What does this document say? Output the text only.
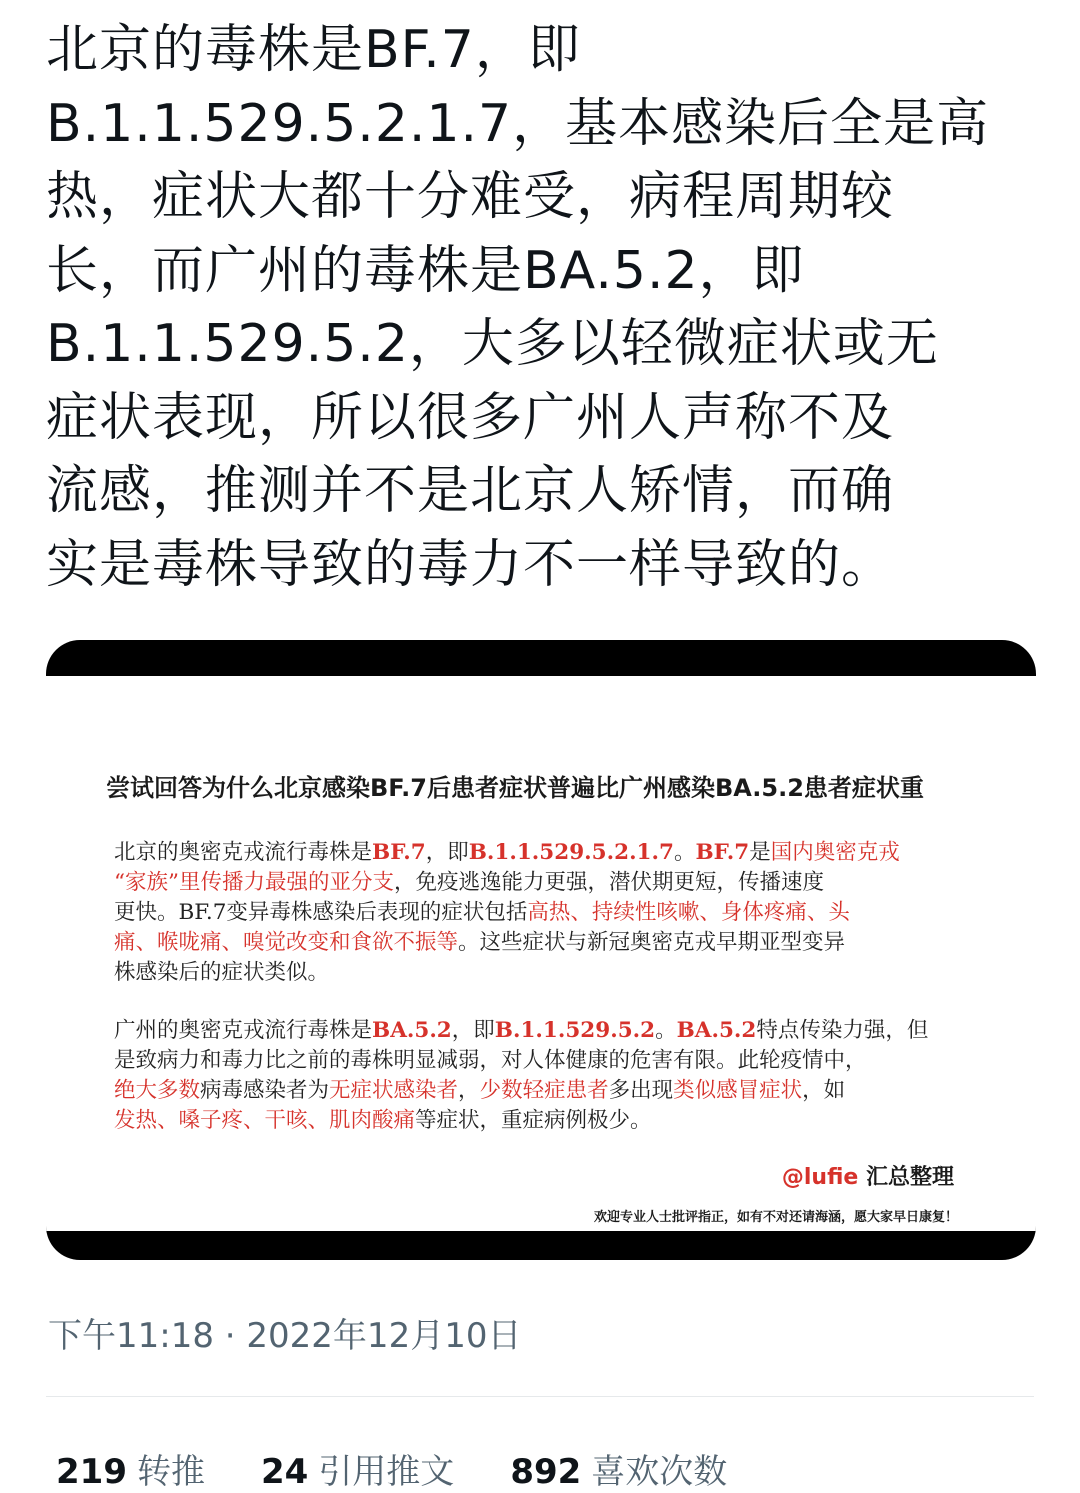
北京的毒株是BF.7，即
B.1.1.529.5.2.1.7，基本感染后全是高
热，症状大都十分难受，病程周期较
长，而广州的毒株是BA.5.2，即
B.1.1.529.5.2，大多以轻微症状或无
症状表现，所以很多广州人声称不及
流感，推测并不是北京人矫情，而确
实是毒株导致的毒力不一样导致的。
尝试回答为什么北京感染BF.7后患者症状普遍比广州感染BA.5.2患者症状重
北京的奥密克戎流行毒株是BF.7，即B.1.1.529.5.2.1.7。BF.7是国内奥密克戎
“家族”里传播力最强的亚分支，免疫逃逸能力更强，潜伏期更短，传播速度
更快。BF.7变异毒株感染后表现的症状包括高热、持续性咳嗽、身体疼痛、头
痛、喉咙痛、嗅觉改变和食欲不振等。这些症状与新冠奥密克戎早期亚型变异
株感染后的症状类似。
广州的奥密克戎流行毒株是BA.5.2，即B.1.1.529.5.2。BA.5.2特点传染力强，但
是致病力和毒力比之前的毒株明显减弱，对人体健康的危害有限。此轮疫情中，
绝大多数病毒感染者为无症状感染者，少数轻症患者多出现类似感冒症状，如
发热、嗓子疼、干咳、肌肉酸痛等症状，重症病例极少。
@lufie 汇总整理
欢迎专业人士批评指正，如有不对还请海涵，愿大家早日康复！
下午11:18 · 2022年12月10日
219 转推 24 引用推文 892 喜欢次数
